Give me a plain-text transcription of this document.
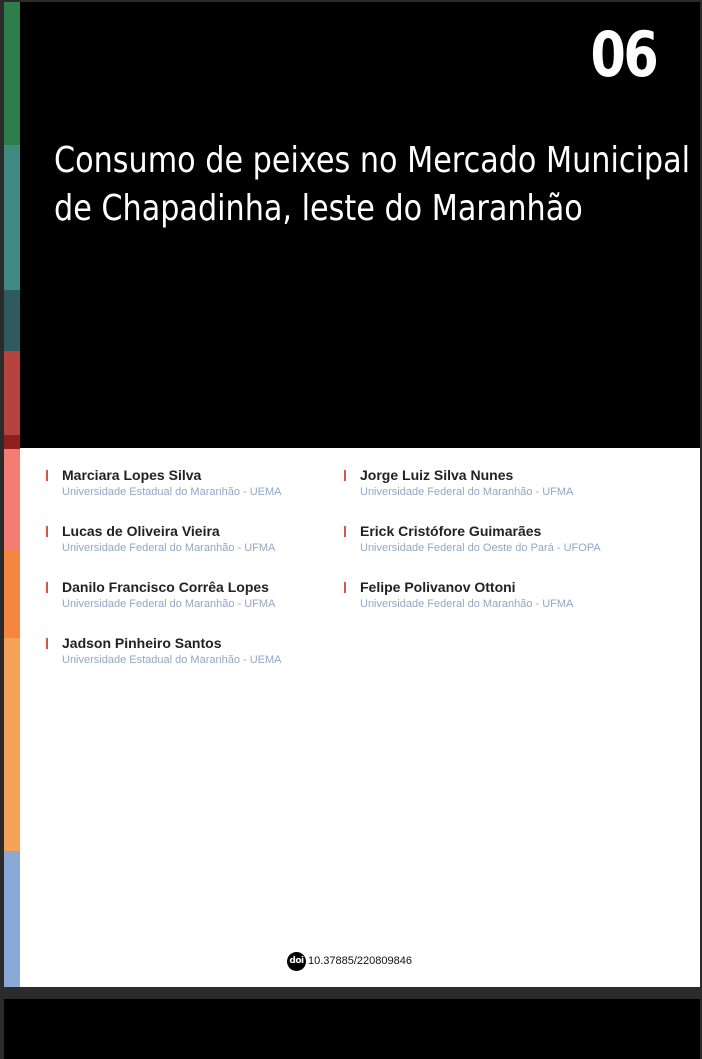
06
Consumo de peixes no Mercado Municipal
de Chapadinha, leste do Maranhão
Marciara Lopes Silva
Universidade Estadual do Maranhão - UEMA
Jorge Luiz Silva Nunes
Universidade Federal do Maranhão - UFMA
Lucas de Oliveira Vieira
Universidade Federal do Maranhão - UFMA
Erick Cristófore Guimarães
Universidade Federal do Oeste do Pará - UFOPA
Danilo Francisco Corrêa Lopes
Universidade Federal do Maranhão - UFMA
Felipe Polivanov Ottoni
Universidade Federal do Maranhão - UFMA
Jadson Pinheiro Santos
Universidade Estadual do Maranhão - UEMA
doi 10.37885/220809846
